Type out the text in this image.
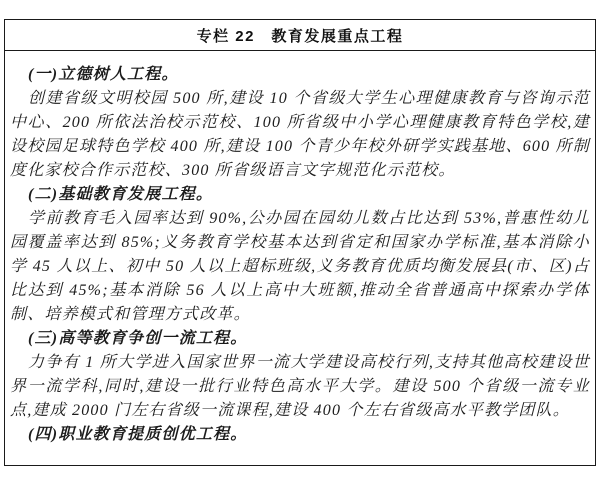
专栏 22　教育发展重点工程

(一)立德树人工程。

创建省级文明校园 500 所,建设 10 个省级大学生心理健康教育与咨询示范中心、200 所依法治校示范校、100 所省级中小学心理健康教育特色学校,建设校园足球特色学校 400 所,建设 100 个青少年校外研学实践基地、600 所制度化家校合作示范校、300 所省级语言文字规范化示范校。

(二)基础教育发展工程。

学前教育毛入园率达到 90%,公办园在园幼儿数占比达到 53%,普惠性幼儿园覆盖率达到 85%;义务教育学校基本达到省定和国家办学标准,基本消除小学 45 人以上、初中 50 人以上超标班级,义务教育优质均衡发展县(市、区)占比达到 45%;基本消除 56 人以上高中大班额,推动全省普通高中探索办学体制、培养模式和管理方式改革。

(三)高等教育争创一流工程。

力争有 1 所大学进入国家世界一流大学建设高校行列,支持其他高校建设世界一流学科,同时,建设一批行业特色高水平大学。建设 500 个省级一流专业点,建成 2000 门左右省级一流课程,建设 400 个左右省级高水平教学团队。

(四)职业教育提质创优工程。
